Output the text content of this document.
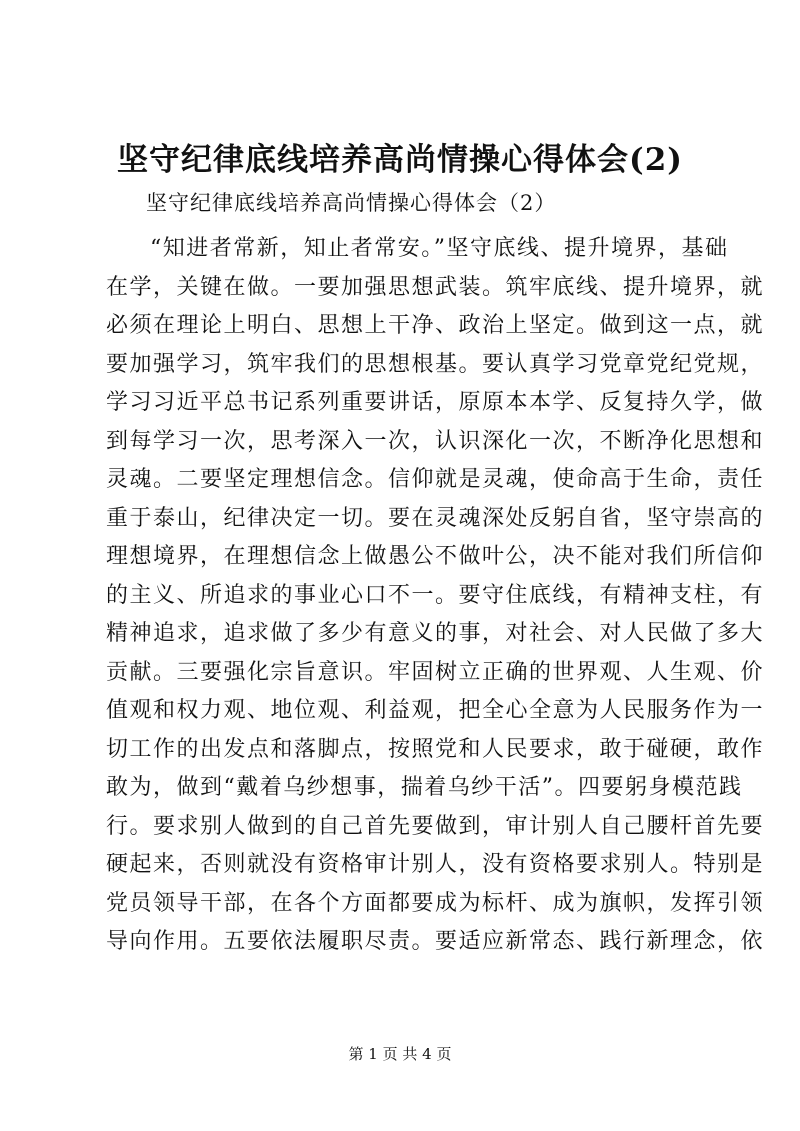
坚守纪律底线培养高尚情操心得体会(2)
坚守纪律底线培养高尚情操心得体会（2）
“知进者常新，知止者常安。”坚守底线、提升境界，基础
在学，关键在做。一要加强思想武装。筑牢底线、提升境界，就
必须在理论上明白、思想上干净、政治上坚定。做到这一点，就
要加强学习，筑牢我们的思想根基。要认真学习党章党纪党规，
学习习近平总书记系列重要讲话，原原本本学、反复持久学，做
到每学习一次，思考深入一次，认识深化一次，不断净化思想和
灵魂。二要坚定理想信念。信仰就是灵魂，使命高于生命，责任
重于泰山，纪律决定一切。要在灵魂深处反躬自省，坚守崇高的
理想境界，在理想信念上做愚公不做叶公，决不能对我们所信仰
的主义、所追求的事业心口不一。要守住底线，有精神支柱，有
精神追求，追求做了多少有意义的事，对社会、对人民做了多大
贡献。三要强化宗旨意识。牢固树立正确的世界观、人生观、价
值观和权力观、地位观、利益观，把全心全意为人民服务作为一
切工作的出发点和落脚点，按照党和人民要求，敢于碰硬，敢作
敢为，做到“戴着乌纱想事，揣着乌纱干活”。四要躬身模范践
行。要求别人做到的自己首先要做到，审计别人自己腰杆首先要
硬起来，否则就没有资格审计别人，没有资格要求别人。特别是
党员领导干部，在各个方面都要成为标杆、成为旗帜，发挥引领
导向作用。五要依法履职尽责。要适应新常态、践行新理念，依
第 1 页 共 4 页
